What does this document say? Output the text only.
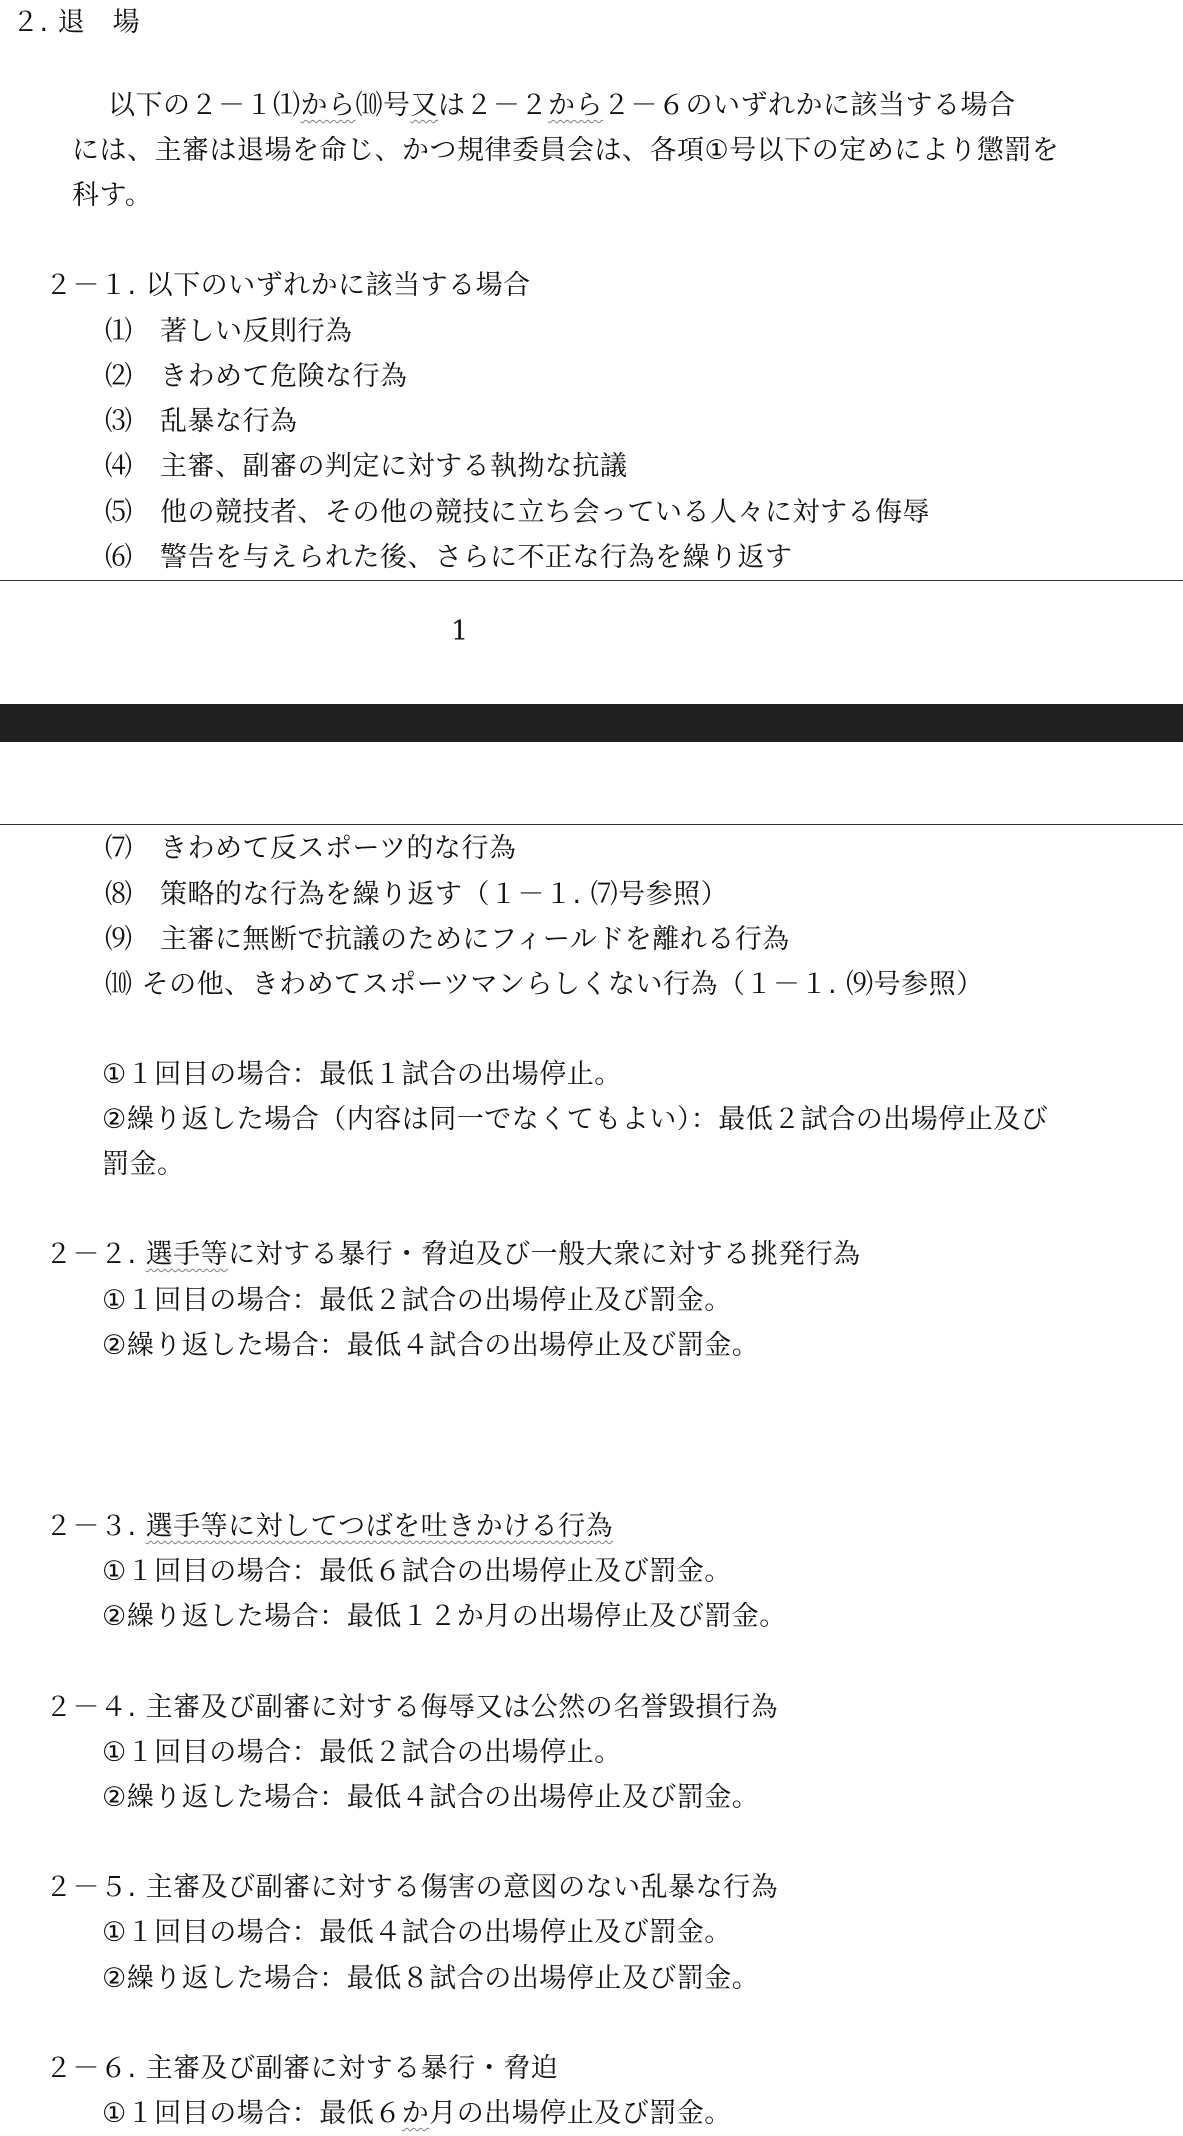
２. 退　場
以下の２－１⑴から⑽号又は２－２から２－６のいずれかに該当する場合
には、主審は退場を命じ、かつ規律委員会は、各項①号以下の定めにより懲罰を
科す。
２－１. 以下のいずれかに該当する場合
⑴　著しい反則行為
⑵　きわめて危険な行為
⑶　乱暴な行為
⑷　主審、副審の判定に対する執拗な抗議
⑸　他の競技者、その他の競技に立ち会っている人々に対する侮辱
⑹　警告を与えられた後、さらに不正な行為を繰り返す
1
⑺　きわめて反スポーツ的な行為
⑻　策略的な行為を繰り返す（１－１. ⑺号参照）
⑼　主審に無断で抗議のためにフィールドを離れる行為
⑽ その他、きわめてスポーツマンらしくない行為（１－１. ⑼号参照）
①１回目の場合：最低１試合の出場停止。
②繰り返した場合（内容は同一でなくてもよい）：最低２試合の出場停止及び
罰金。
２－２. 選手等に対する暴行・脅迫及び一般大衆に対する挑発行為
①１回目の場合：最低２試合の出場停止及び罰金。
②繰り返した場合：最低４試合の出場停止及び罰金。
２－３. 選手等に対してつばを吐きかける行為
①１回目の場合：最低６試合の出場停止及び罰金。
②繰り返した場合：最低１２か月の出場停止及び罰金。
２－４. 主審及び副審に対する侮辱又は公然の名誉毀損行為
①１回目の場合：最低２試合の出場停止。
②繰り返した場合：最低４試合の出場停止及び罰金。
２－５. 主審及び副審に対する傷害の意図のない乱暴な行為
①１回目の場合：最低４試合の出場停止及び罰金。
②繰り返した場合：最低８試合の出場停止及び罰金。
２－６. 主審及び副審に対する暴行・脅迫
①１回目の場合：最低６か月の出場停止及び罰金。
